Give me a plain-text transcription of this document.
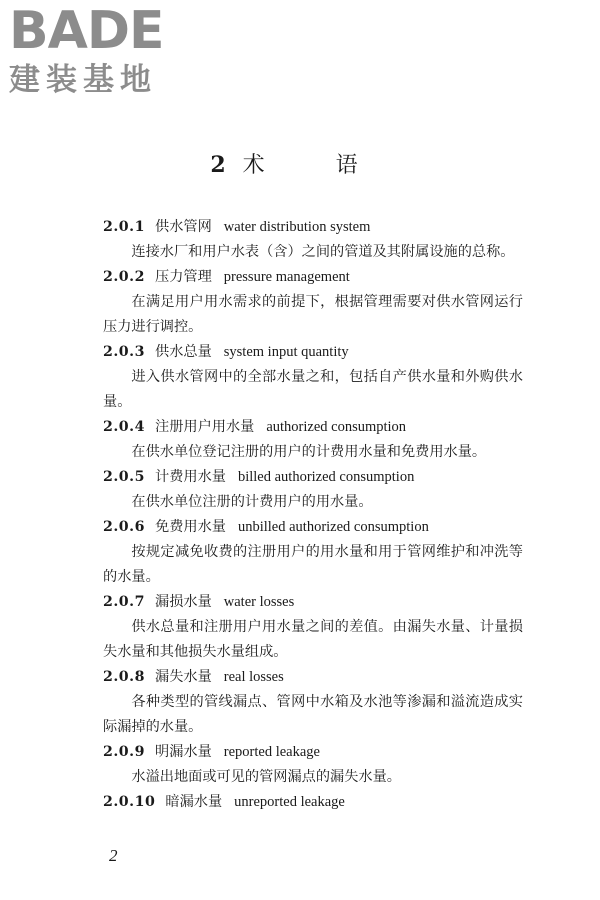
BADE
建装基地
2 术 语
2.0.1 供水管网 water distribution system
连接水厂和用户水表（含）之间的管道及其附属设施的总称。
2.0.2 压力管理 pressure management
在满足用户用水需求的前提下，根据管理需要对供水管网运行压力进行调控。
2.0.3 供水总量 system input quantity
进入供水管网中的全部水量之和，包括自产供水量和外购供水量。
2.0.4 注册用户用水量 authorized consumption
在供水单位登记注册的用户的计费用水量和免费用水量。
2.0.5 计费用水量 billed authorized consumption
在供水单位注册的计费用户的用水量。
2.0.6 免费用水量 unbilled authorized consumption
按规定减免收费的注册用户的用水量和用于管网维护和冲洗等的水量。
2.0.7 漏损水量 water losses
供水总量和注册用户用水量之间的差值。由漏失水量、计量损失水量和其他损失水量组成。
2.0.8 漏失水量 real losses
各种类型的管线漏点、管网中水箱及水池等渗漏和溢流造成实际漏掉的水量。
2.0.9 明漏水量 reported leakage
水溢出地面或可见的管网漏点的漏失水量。
2.0.10 暗漏水量 unreported leakage
2
